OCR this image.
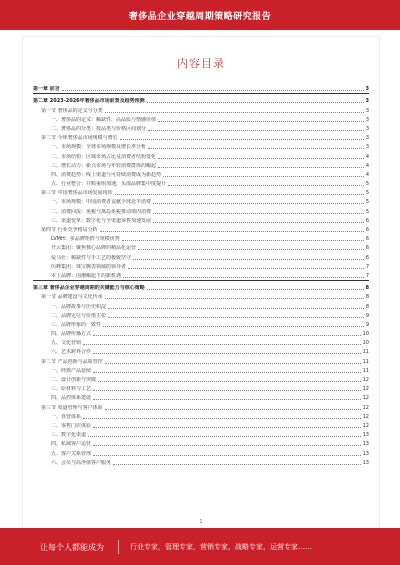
奢侈品企业穿越周期策略研究报告
内容目录
第一章 前言	3
第二章 2023-2026年奢侈品市场前景及趋势预测	3
第一节 奢侈品的定义与分类	3
一、奢侈品的定义：稀缺性、高品质与情感价值	3
二、奢侈品的分类：按品类与价格区间划分	3
第二节 全球奢侈品市场规模与增长	3
一、市场规模：全球市场规模及增长率分析	3
二、市场结构：区域市场占比及消费者结构变化	4
三、增长动力：新兴市场与年轻消费群体的崛起	4
四、消费趋势：线上渠道与可持续消费成为新趋势	4
五、行业整合：并购重组加速，头部品牌集中度提升	5
第三节 中国奢侈品市场发展现状	5
一、市场规模：中国消费者贡献全球近半消费	5
二、消费回流：免税与离岛免税推动境内消费	5
三、渠道变革：数字化与全渠道零售加速发展	6
第四节 行业竞争格局分析	6
LVMH：多品牌矩阵与规模优势	6
开云集团：聚焦核心品牌的精品化运营	6
爱马仕：稀缺性与手工艺的极致坚守	6
历峰集团：珠宝腕表领域的领导者	7
本土品牌：国潮崛起下的新机遇	7
第三章 奢侈品企业穿越周期的关键能力与核心策略	8
第一节 品牌建设与文化传承	8
一、品牌故事与历史积淀	8
二、品牌定位与价值主张	9
三、品牌形象的一致性	9
四、品牌传播方式	10
五、文化营销	10
六、艺术跨界合作	11
第二节 产品创新与品质管控	11
一、经典产品延续	11
二、设计创新与突破	12
三、原材料与工艺	12
四、品控体系建设	12
第三节 渠道管理与客户体验	12
一、直营体系	12
二、零售门店体验	12
三、数字化渠道	13
四、私域客户运营	13
五、客户关系管理	13
六、会员与高净值客户服务	13
1
让每个人都能成为	行业专家，管理专家，营销专家，战略专家，运营专家……
